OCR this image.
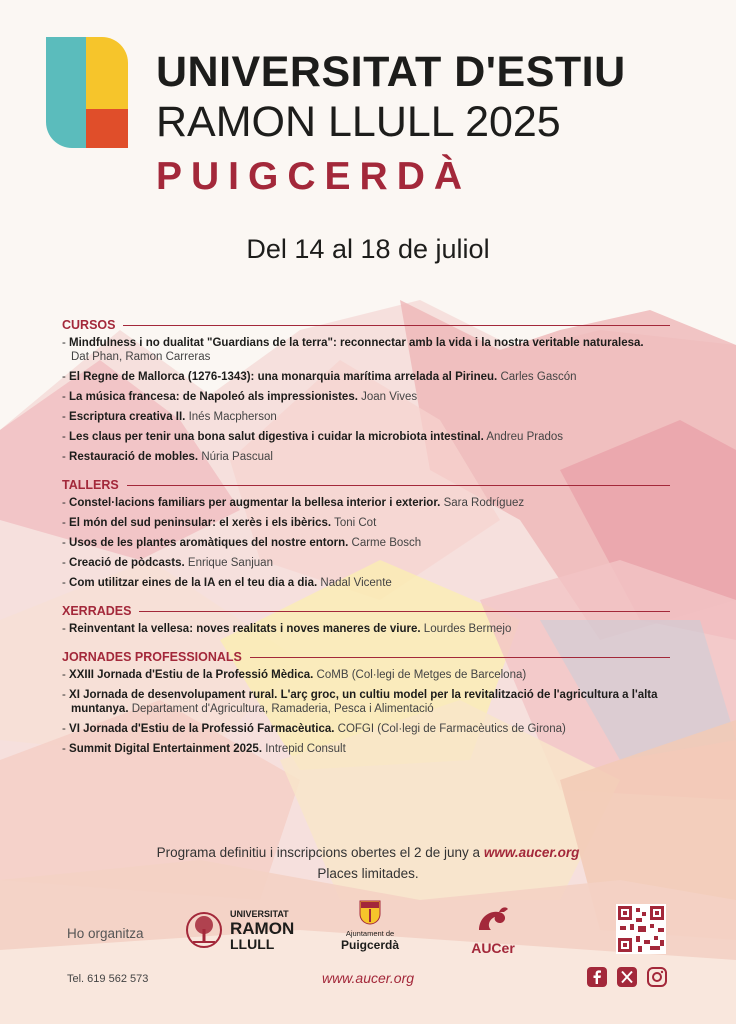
UNIVERSITAT D'ESTIU
RAMON LLULL 2025
PUIGCERDÀ
Del 14 al 18 de juliol
CURSOS
- Mindfulness i no dualitat "Guardians de la terra": reconnectar amb la vida i la nostra veritable naturalesa.
Dat Phan, Ramon Carreras
- El Regne de Mallorca (1276-1343): una monarquia marítima arrelada al Pirineu. Carles Gascón
- La música francesa: de Napoleó als impressionistes. Joan Vives
- Escriptura creativa II. Inés Macpherson
- Les claus per tenir una bona salut digestiva i cuidar la microbiota intestinal. Andreu Prados
- Restauració de mobles. Núria Pascual
TALLERS
- Constel·lacions familiars per augmentar la bellesa interior i exterior. Sara Rodríguez
- El món del sud peninsular: el xerès i els ibèrics. Toni Cot
- Usos de les plantes aromàtiques del nostre entorn. Carme Bosch
- Creació de pòdcasts. Enrique Sanjuan
- Com utilitzar eines de la IA en el teu dia a dia. Nadal Vicente
XERRADES
- Reinventant la vellesa: noves realitats i noves maneres de viure. Lourdes Bermejo
JORNADES PROFESSIONALS
- XXIII Jornada d'Estiu de la Professió Mèdica. CoMB (Col·legi de Metges de Barcelona)
- XI Jornada de desenvolupament rural. L'arç groc, un cultiu model per la revitalització de l'agricultura a l'alta muntanya. Departament d'Agricultura, Ramaderia, Pesca i Alimentació
- VI Jornada d'Estiu de la Professió Farmacèutica. COFGI (Col·legi de Farmacèutics de Girona)
- Summit Digital Entertainment 2025. Intrepid Consult
Programa definitiu i inscripcions obertes el 2 de juny a www.aucer.org
Places limitades.
Ho organitza
UNIVERSITAT
RAMON
LLULL
Ajuntament de
Puigcerdà	AUCer
Tel. 619 562 573	www.aucer.org
